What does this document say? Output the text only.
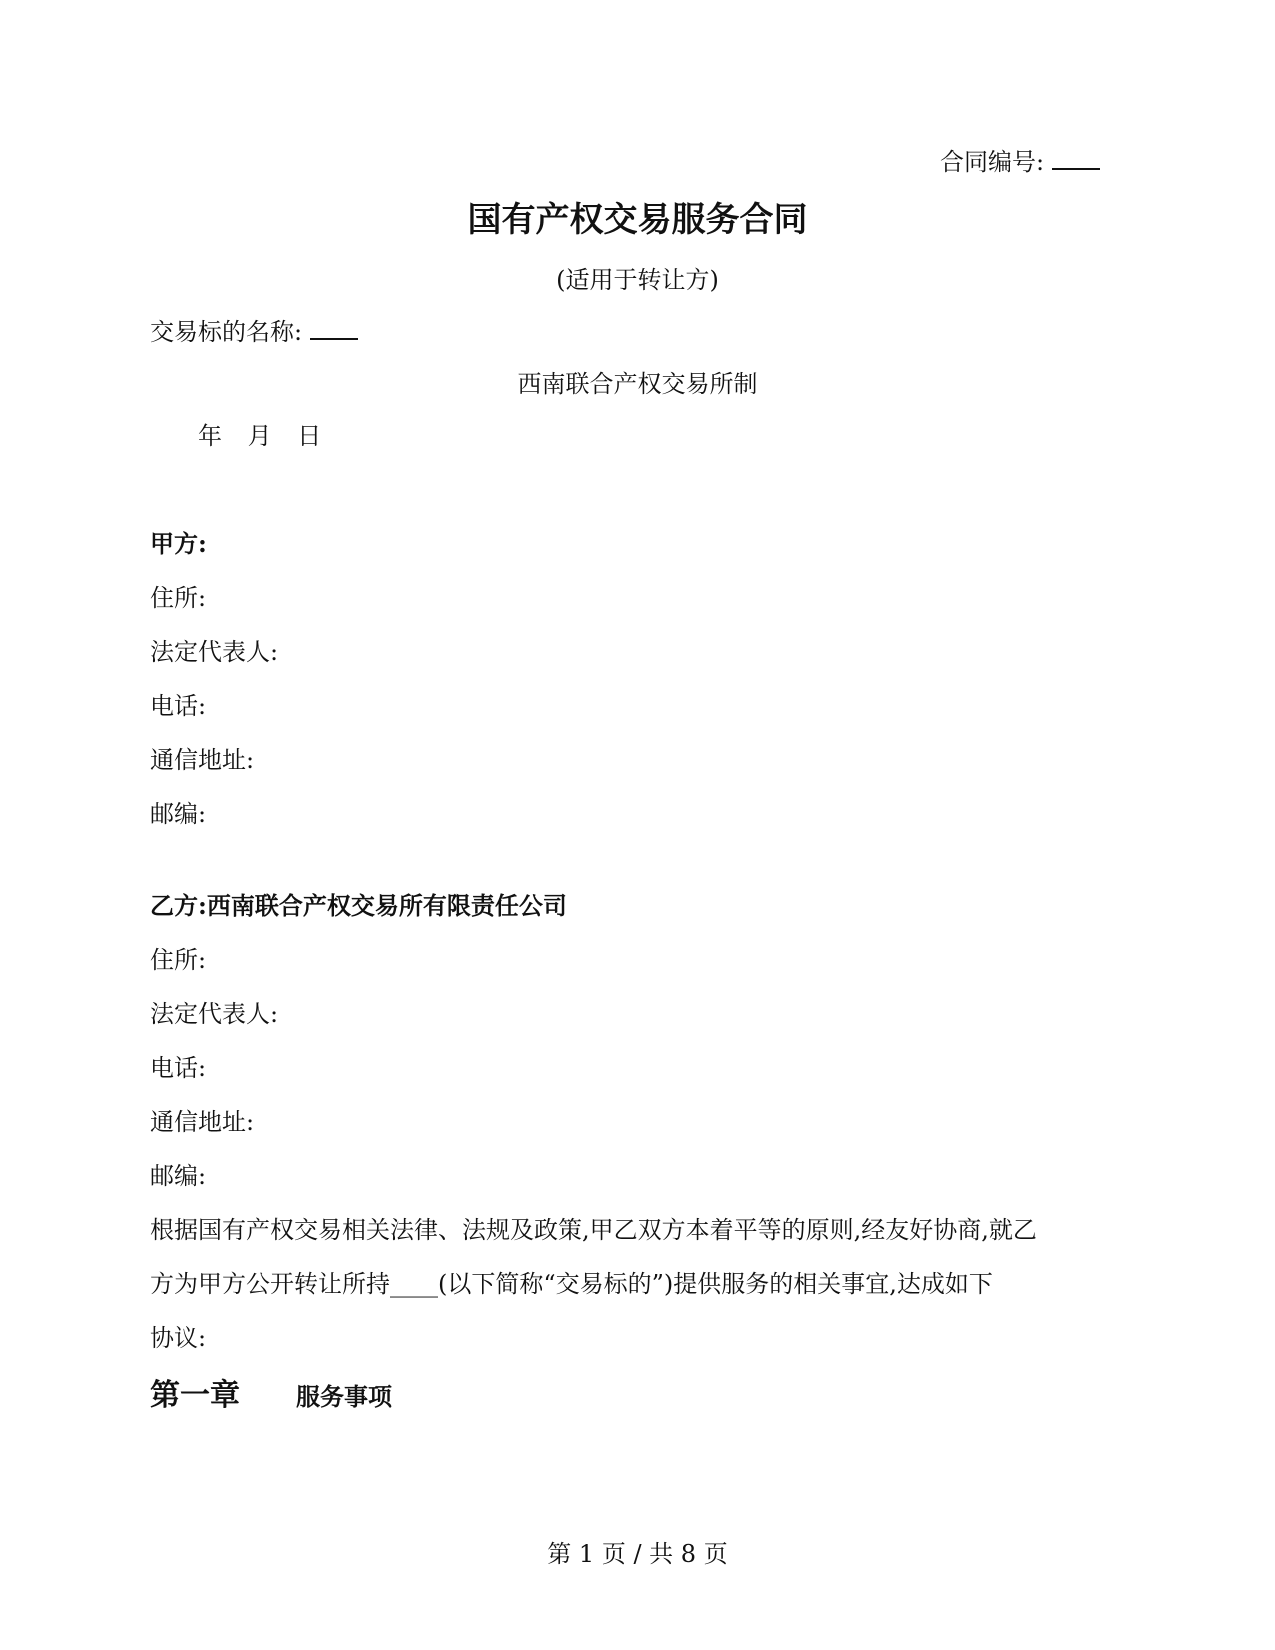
合同编号:
国有产权交易服务合同
(适用于转让方)
交易标的名称:
西南联合产权交易所制
年 月 日
甲方:
住所:
法定代表人:
电话:
通信地址:
邮编:
乙方:西南联合产权交易所有限责任公司
住所:
法定代表人:
电话:
通信地址:
邮编:
根据国有产权交易相关法律、法规及政策,甲乙双方本着平等的原则,经友好协商,就乙
方为甲方公开转让所持____(以下简称“交易标的”)提供服务的相关事宜,达成如下
协议:
第一章 服务事项
第 1 页 / 共 8 页
